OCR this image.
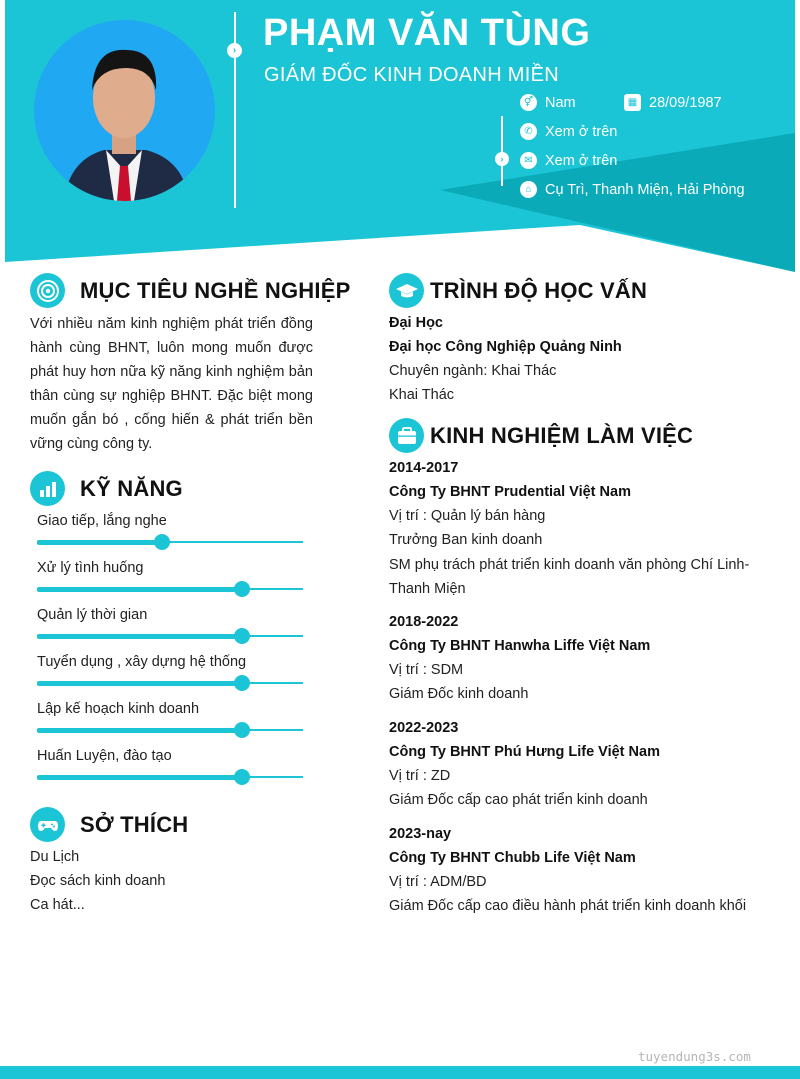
› PHẠM VĂN TÙNG
GIÁM ĐỐC KINH DOANH MIỀN
›
⚥ Nam	▦ 28/09/1987
✆ Xem ở trên
✉ Xem ở trên
⌂ Cụ Trì, Thanh Miện, Hải Phòng
MỤC TIÊU NGHỀ NGHIỆP
Với nhiều năm kinh nghiệm phát triển đồng hành cùng BHNT, luôn mong muốn được phát huy hơn nữa kỹ năng kinh nghiệm bản thân cùng sự nghiệp BHNT. Đặc biệt mong muốn gắn bó , cống hiến & phát triển bền vững cùng công ty.
KỸ NĂNG
Giao tiếp, lắng nghe
Xử lý tình huống
Quản lý thời gian
Tuyển dụng , xây dựng hệ thống
Lập kế hoạch kinh doanh
Huấn Luyện, đào tạo
SỞ THÍCH
Du Lịch
Đọc sách kinh doanh
Ca hát...
TRÌNH ĐỘ HỌC VẤN
Đại Học
Đại học Công Nghiệp Quảng Ninh
Chuyên ngành: Khai Thác
Khai Thác
KINH NGHIỆM LÀM VIỆC
2014-2017
Công Ty BHNT Prudential Việt Nam
Vị trí : Quản lý bán hàng
Trưởng Ban kinh doanh
SM phụ trách phát triển kinh doanh văn phòng Chí Linh-Thanh Miện
2018-2022
Công Ty BHNT Hanwha Liffe Việt Nam
Vị trí : SDM
Giám Đốc kinh doanh
2022-2023
Công Ty BHNT Phú Hưng Life Việt Nam
Vị trí : ZD
Giám Đốc cấp cao phát triển kinh doanh
2023-nay
Công Ty BHNT Chubb Life Việt Nam
Vị trí : ADM/BD
Giám Đốc cấp cao điều hành phát triển kinh doanh khối
tuyendung3s.com
